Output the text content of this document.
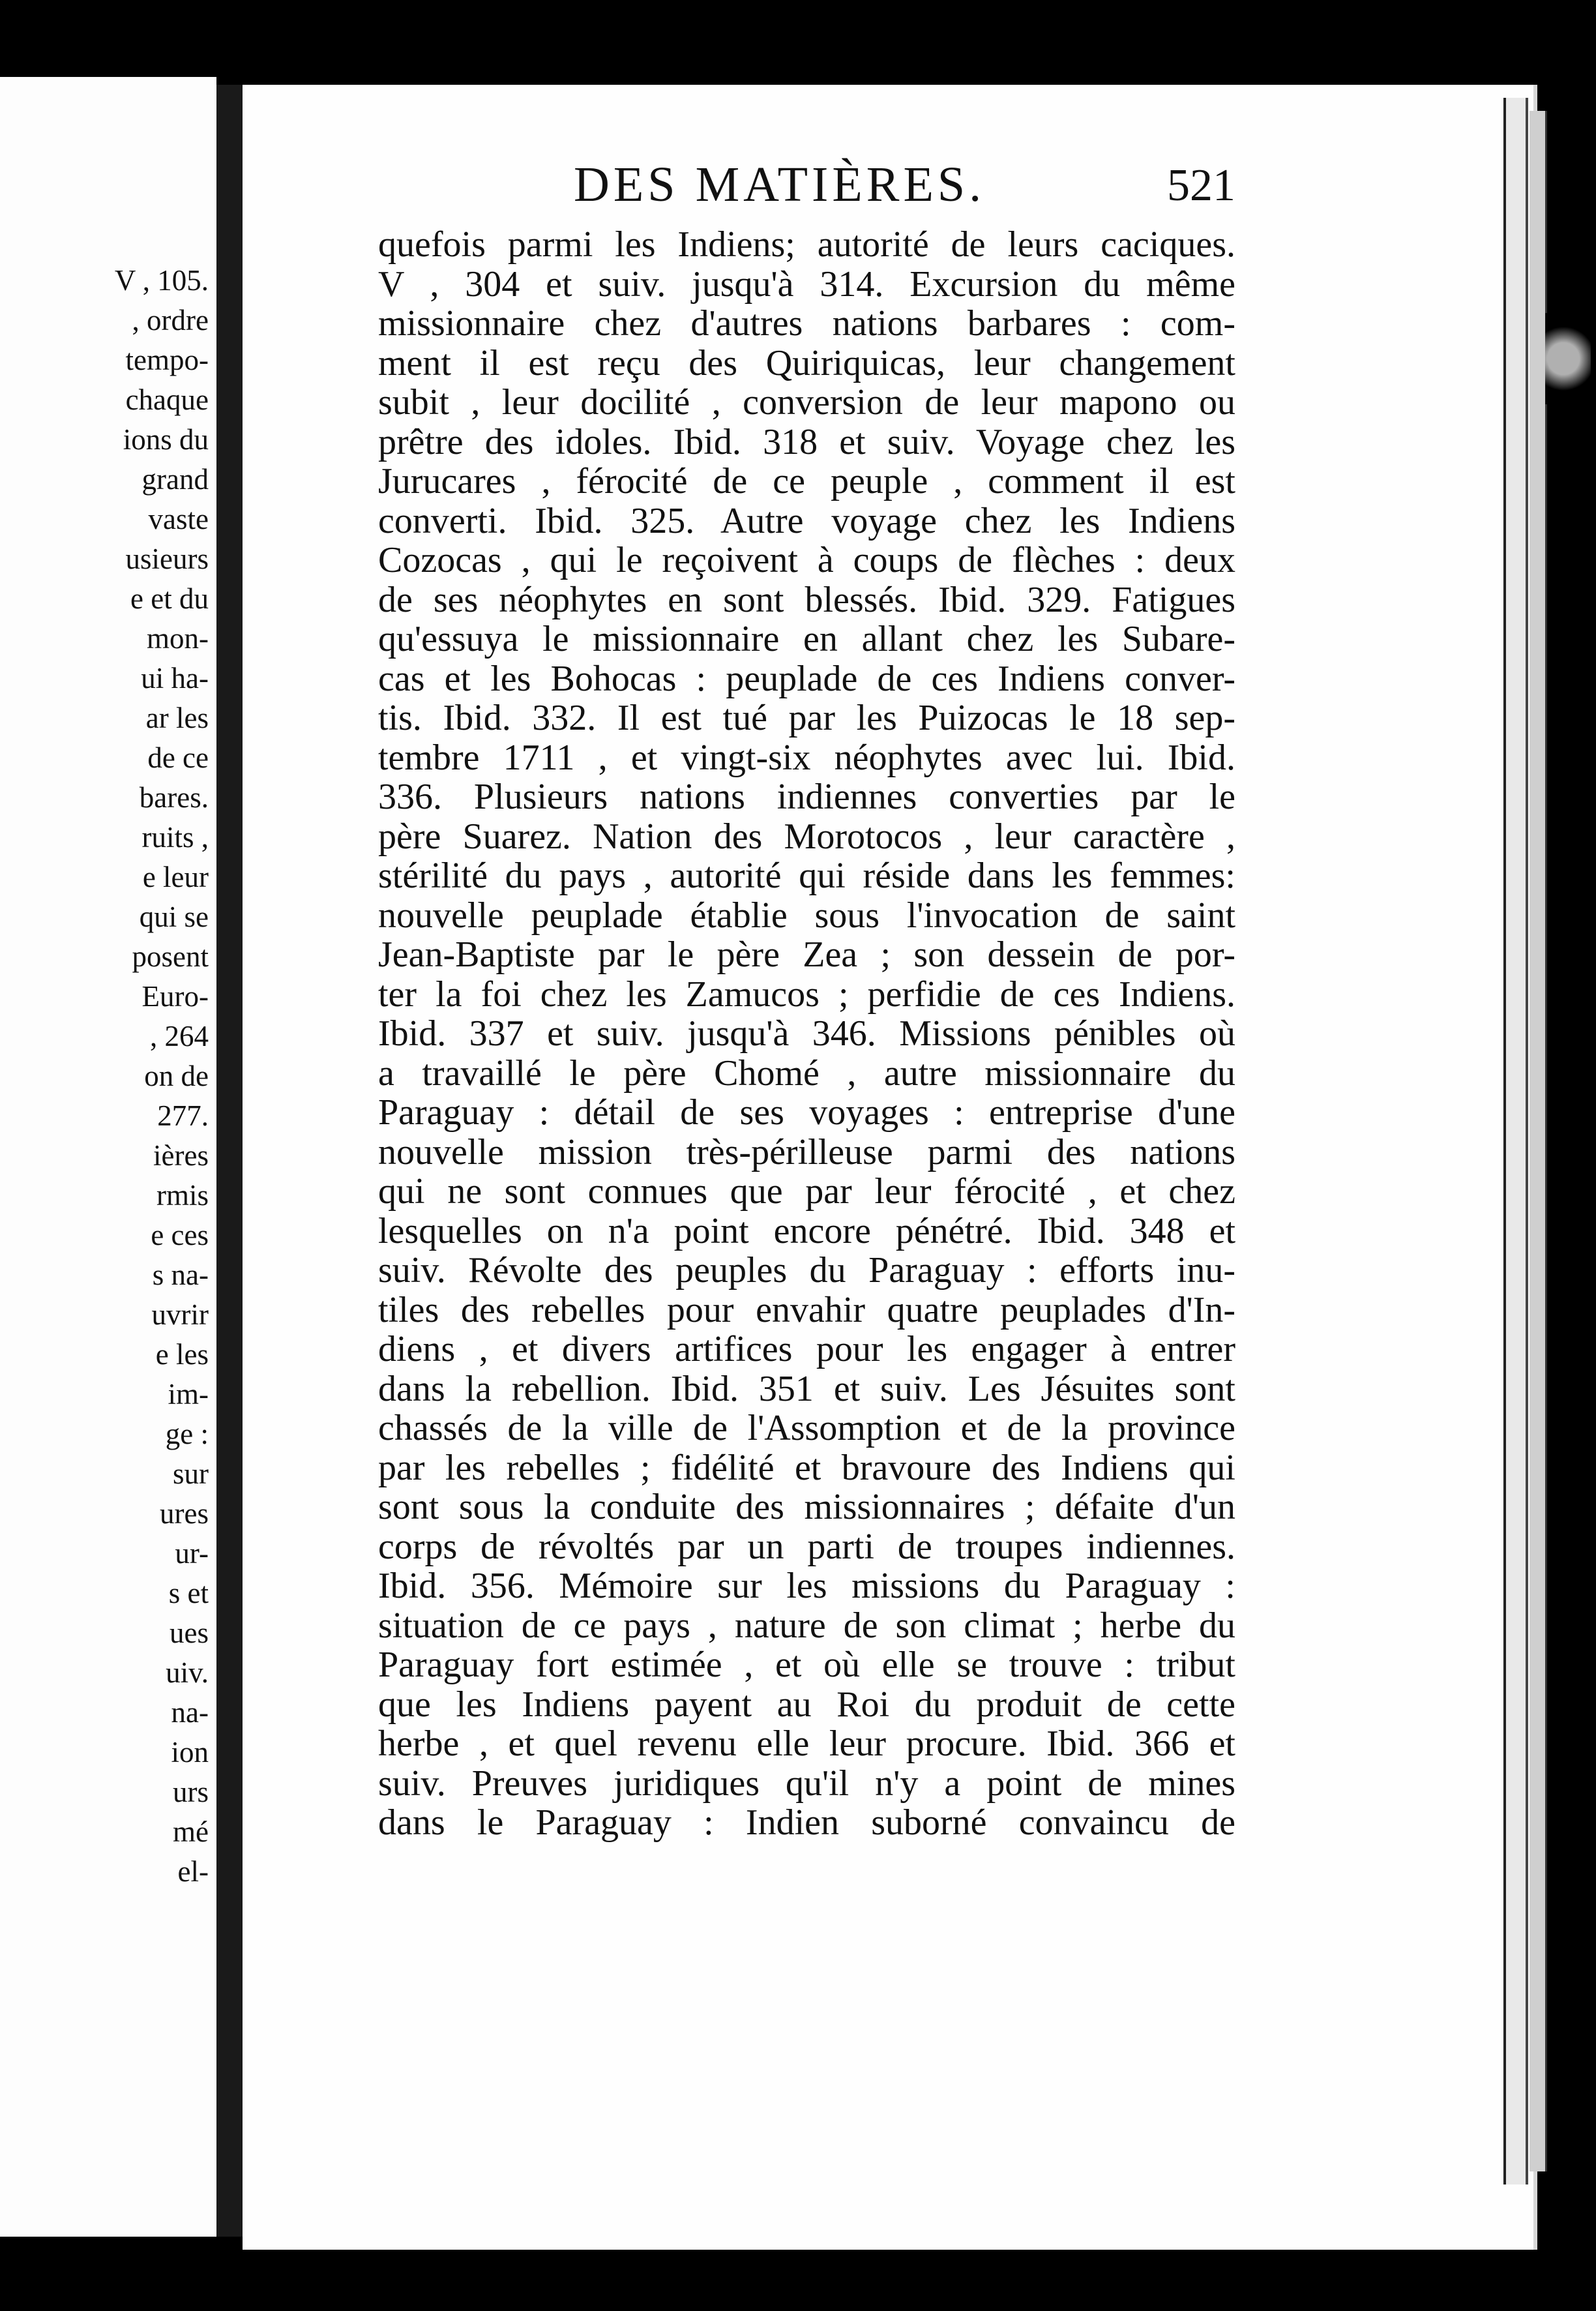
V , 105.
, ordre
tempo-
chaque
ions du
grand
vaste
usieurs
e et du
mon-
ui ha-
ar les
de ce
bares.
ruits ,
e leur
qui se
posent
Euro-
, 264
on de
277.
ières
rmis
e ces
s na-
uvrir
e les
im-
ge :
sur
ures
ur-
s et
ues
uiv.
na-
ion
urs
mé
el-
DES MATIÈRES.	521
quefois parmi les Indiens; autorité de leurs caciques.
V , 304 et suiv. jusqu'à 314. Excursion du même
missionnaire chez d'autres nations barbares : com-
ment il est reçu des Quiriquicas, leur changement
subit , leur docilité , conversion de leur mapono ou
prêtre des idoles. Ibid. 318 et suiv. Voyage chez les
Jurucares , férocité de ce peuple , comment il est
converti. Ibid. 325. Autre voyage chez les Indiens
Cozocas , qui le reçoivent à coups de flèches : deux
de ses néophytes en sont blessés. Ibid. 329. Fatigues
qu'essuya le missionnaire en allant chez les Subare-
cas et les Bohocas : peuplade de ces Indiens conver-
tis. Ibid. 332. Il est tué par les Puizocas le 18 sep-
tembre 1711 , et vingt-six néophytes avec lui. Ibid.
336. Plusieurs nations indiennes converties par le
père Suarez. Nation des Morotocos , leur caractère ,
stérilité du pays , autorité qui réside dans les femmes:
nouvelle peuplade établie sous l'invocation de saint
Jean-Baptiste par le père Zea ; son dessein de por-
ter la foi chez les Zamucos ; perfidie de ces Indiens.
Ibid. 337 et suiv. jusqu'à 346. Missions pénibles où
a travaillé le père Chomé , autre missionnaire du
Paraguay : détail de ses voyages : entreprise d'une
nouvelle mission très-périlleuse parmi des nations
qui ne sont connues que par leur férocité , et chez
lesquelles on n'a point encore pénétré. Ibid. 348 et
suiv. Révolte des peuples du Paraguay : efforts inu-
tiles des rebelles pour envahir quatre peuplades d'In-
diens , et divers artifices pour les engager à entrer
dans la rebellion. Ibid. 351 et suiv. Les Jésuites sont
chassés de la ville de l'Assomption et de la province
par les rebelles ; fidélité et bravoure des Indiens qui
sont sous la conduite des missionnaires ; défaite d'un
corps de révoltés par un parti de troupes indiennes.
Ibid. 356. Mémoire sur les missions du Paraguay :
situation de ce pays , nature de son climat ; herbe du
Paraguay fort estimée , et où elle se trouve : tribut
que les Indiens payent au Roi du produit de cette
herbe , et quel revenu elle leur procure. Ibid. 366 et
suiv. Preuves juridiques qu'il n'y a point de mines
dans le Paraguay : Indien suborné convaincu de
